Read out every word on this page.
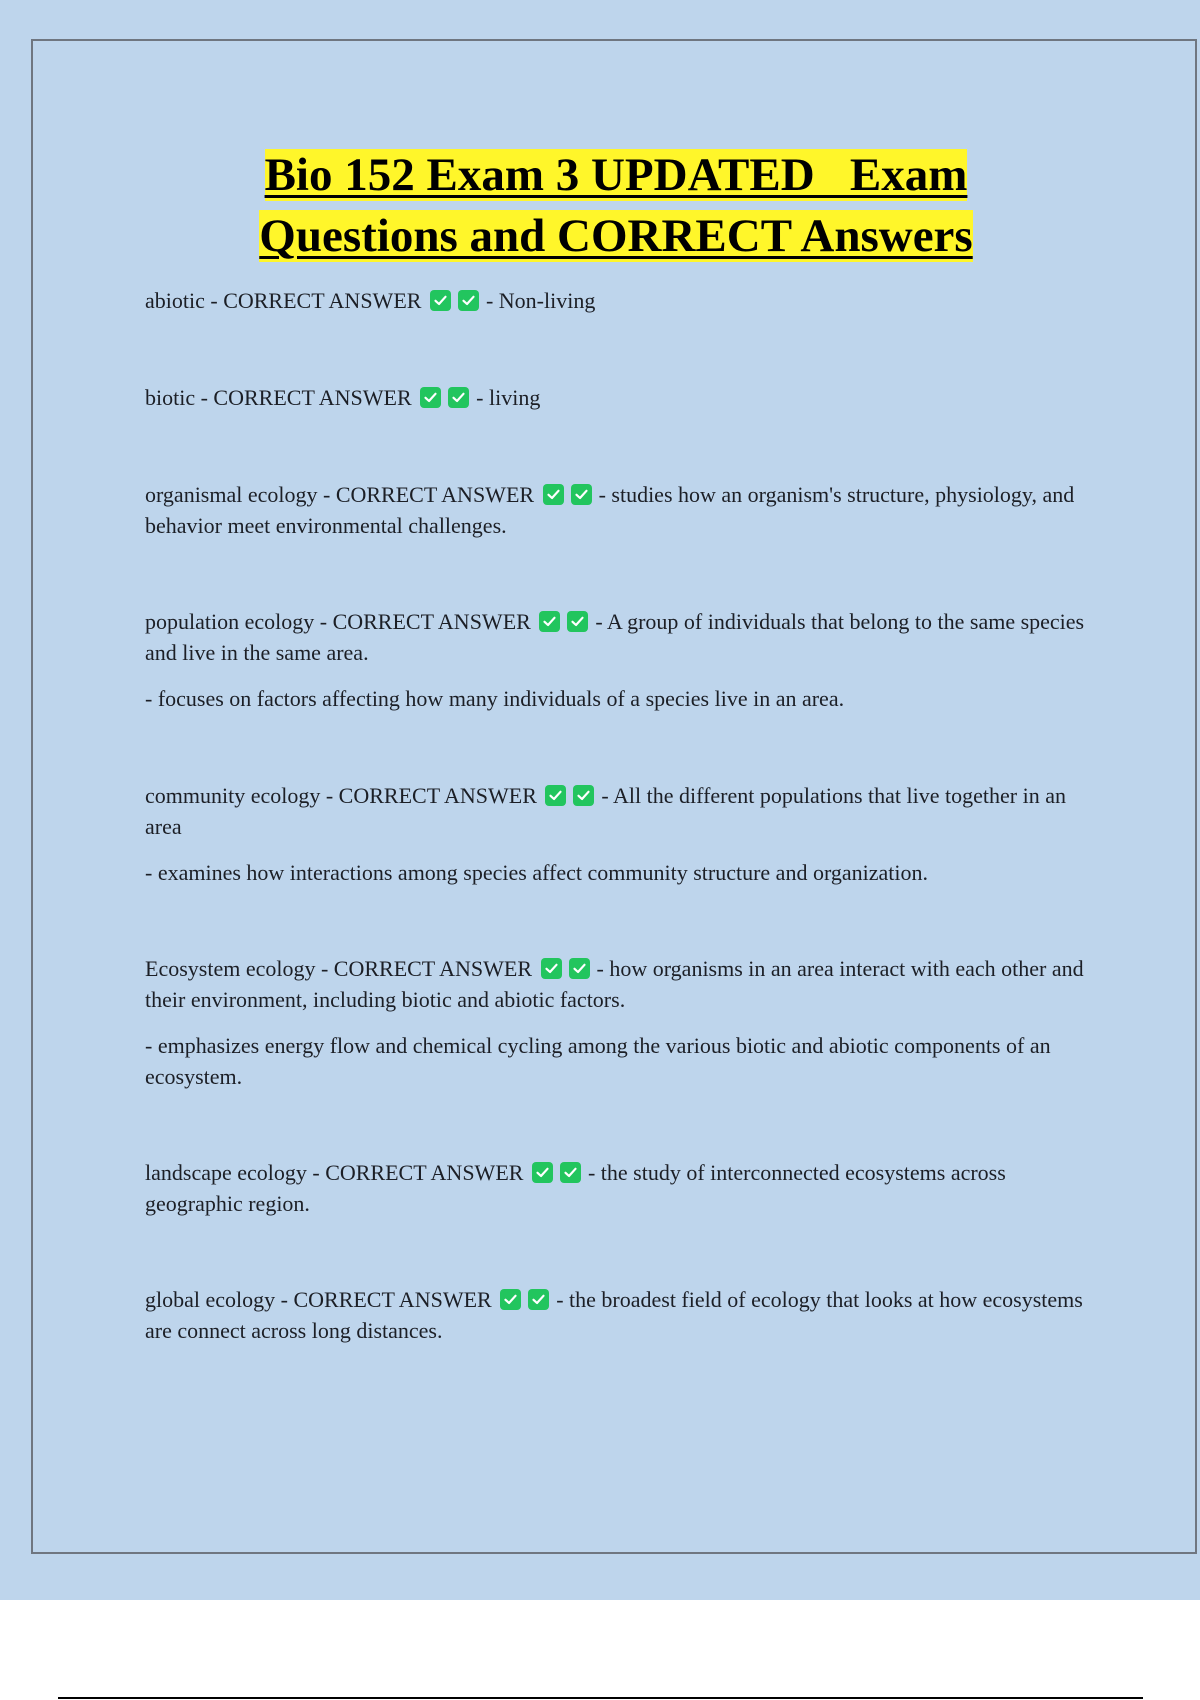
Bio 152 Exam 3 UPDATED   Exam
Questions and CORRECT Answers

abiotic - CORRECT ANSWER	- Non-living

biotic - CORRECT ANSWER	- living

organismal ecology - CORRECT ANSWER	- studies how an organism's structure, physiology, and behavior meet environmental challenges.

population ecology - CORRECT ANSWER	- A group of individuals that belong to the same species and live in the same area.

- focuses on factors affecting how many individuals of a species live in an area.

community ecology - CORRECT ANSWER	- All the different populations that live together in an area

- examines how interactions among species affect community structure and organization.

Ecosystem ecology - CORRECT ANSWER	- how organisms in an area interact with each other and their environment, including biotic and abiotic factors.

- emphasizes energy flow and chemical cycling among the various biotic and abiotic components of an ecosystem.

landscape ecology - CORRECT ANSWER	- the study of interconnected ecosystems across geographic region.

global ecology - CORRECT ANSWER	- the broadest field of ecology that looks at how ecosystems are connect across long distances.
